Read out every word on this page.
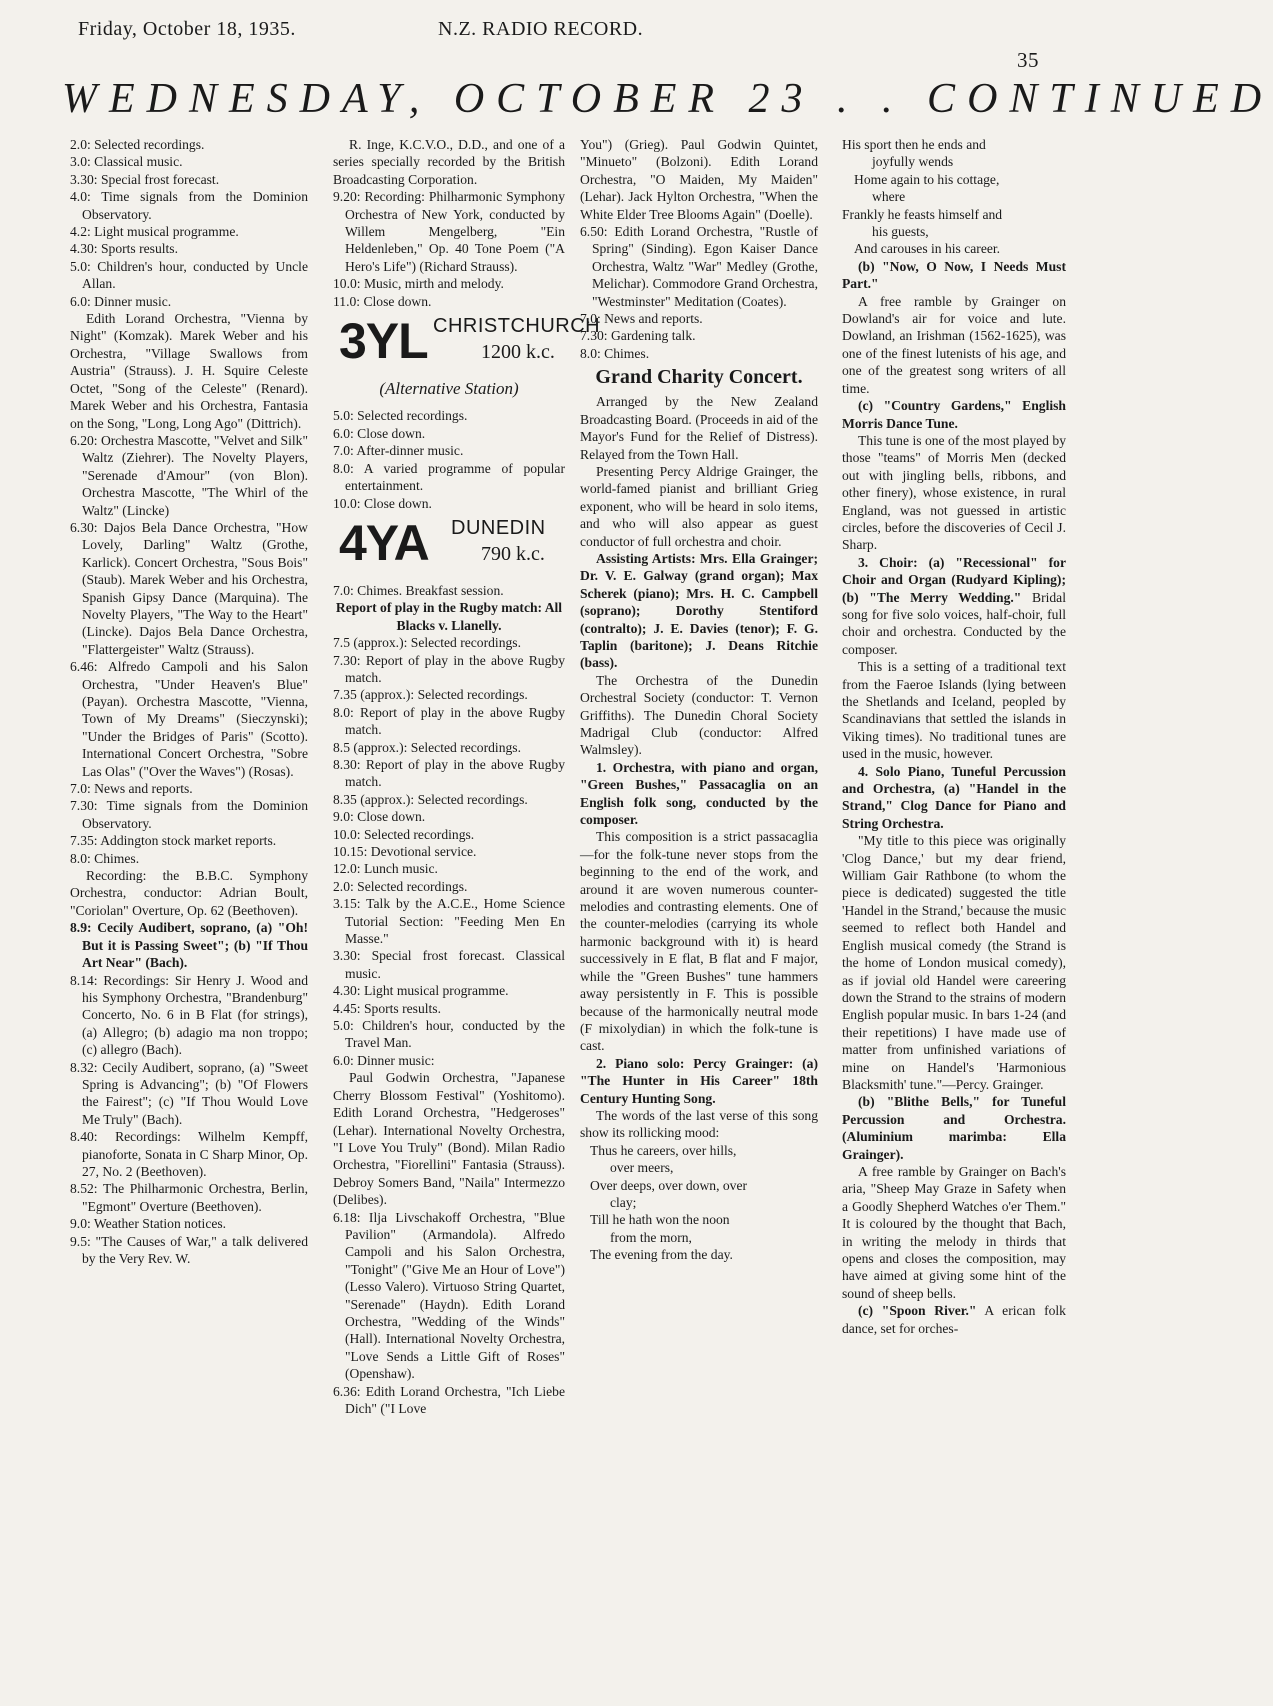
Friday, October 18, 1935.	N.Z. RADIO RECORD.
35
WEDNESDAY, OCTOBER 23 . . CONTINUED

2.0: Selected recordings.

3.0: Classical music.

3.30: Special frost forecast.

4.0: Time signals from the Dominion Observatory.

4.2: Light musical programme.

4.30: Sports results.

5.0: Children's hour, conducted by Uncle Allan.

6.0: Dinner music.

Edith Lorand Orchestra, "Vienna by Night" (Komzak). Marek Weber and his Orchestra, "Village Swallows from Austria" (Strauss). J. H. Squire Celeste Octet, "Song of the Celeste" (Renard). Marek Weber and his Orchestra, Fantasia on the Song, "Long, Long Ago" (Dittrich).

6.20: Orchestra Mascotte, "Velvet and Silk" Waltz (Ziehrer). The Novelty Players, "Serenade d'Amour" (von Blon). Orchestra Mascotte, "The Whirl of the Waltz" (Lincke)

6.30: Dajos Bela Dance Orchestra, "How Lovely, Darling" Waltz (Grothe, Karlick). Concert Orchestra, "Sous Bois" (Staub). Marek Weber and his Orchestra, Spanish Gipsy Dance (Marquina). The Novelty Players, "The Way to the Heart" (Lincke). Dajos Bela Dance Orchestra, "Flattergeister" Waltz (Strauss).

6.46: Alfredo Campoli and his Salon Orchestra, "Under Heaven's Blue" (Payan). Orchestra Mascotte, "Vienna, Town of My Dreams" (Sieczynski); "Under the Bridges of Paris" (Scotto). International Concert Orchestra, "Sobre Las Olas" ("Over the Waves") (Rosas).

7.0: News and reports.

7.30: Time signals from the Dominion Observatory.

7.35: Addington stock market reports.

8.0: Chimes.

Recording: the B.B.C. Symphony Orchestra, conductor: Adrian Boult, "Coriolan" Overture, Op. 62 (Beethoven).

8.9: Cecily Audibert, soprano, (a) "Oh! But it is Passing Sweet"; (b) "If Thou Art Near" (Bach).

8.14: Recordings: Sir Henry J. Wood and his Symphony Orchestra, "Brandenburg" Concerto, No. 6 in B Flat (for strings), (a) Allegro; (b) adagio ma non troppo; (c) allegro (Bach).

8.32: Cecily Audibert, soprano, (a) "Sweet Spring is Advancing"; (b) "Of Flowers the Fairest"; (c) "If Thou Would Love Me Truly" (Bach).

8.40: Recordings: Wilhelm Kempff, pianoforte, Sonata in C Sharp Minor, Op. 27, No. 2 (Beethoven).

8.52: The Philharmonic Orchestra, Berlin, "Egmont" Overture (Beethoven).

9.0: Weather Station notices.

9.5: "The Causes of War," a talk delivered by the Very Rev. W.

R. Inge, K.C.V.O., D.D., and one of a series specially recorded by the British Broadcasting Corporation.

9.20: Recording: Philharmonic Symphony Orchestra of New York, conducted by Willem Mengelberg, "Ein Heldenleben," Op. 40 Tone Poem ("A Hero's Life") (Richard Strauss).

10.0: Music, mirth and melody.

11.0: Close down.

3YL CHRISTCHURCH
1200 k.c.

(Alternative Station)

5.0: Selected recordings.

6.0: Close down.

7.0: After-dinner music.

8.0: A varied programme of popular entertainment.

10.0: Close down.

4YA DUNEDIN
790 k.c.

7.0: Chimes. Breakfast session.

Report of play in the Rugby match: All Blacks v. Llanelly.

7.5 (approx.): Selected recordings.

7.30: Report of play in the above Rugby match.

7.35 (approx.): Selected recordings.

8.0: Report of play in the above Rugby match.

8.5 (approx.): Selected recordings.

8.30: Report of play in the above Rugby match.

8.35 (approx.): Selected recordings.

9.0: Close down.

10.0: Selected recordings.

10.15: Devotional service.

12.0: Lunch music.

2.0: Selected recordings.

3.15: Talk by the A.C.E., Home Science Tutorial Section: "Feeding Men En Masse."

3.30: Special frost forecast. Classical music.

4.30: Light musical programme.

4.45: Sports results.

5.0: Children's hour, conducted by the Travel Man.

6.0: Dinner music:

Paul Godwin Orchestra, "Japanese Cherry Blossom Festival" (Yoshitomo). Edith Lorand Orchestra, "Hedgeroses" (Lehar). International Novelty Orchestra, "I Love You Truly" (Bond). Milan Radio Orchestra, "Fiorellini" Fantasia (Strauss). Debroy Somers Band, "Naila" Intermezzo (Delibes).

6.18: Ilja Livschakoff Orchestra, "Blue Pavilion" (Armandola). Alfredo Campoli and his Salon Orchestra, "Tonight" ("Give Me an Hour of Love") (Lesso Valero). Virtuoso String Quartet, "Serenade" (Haydn). Edith Lorand Orchestra, "Wedding of the Winds" (Hall). International Novelty Orchestra, "Love Sends a Little Gift of Roses" (Openshaw).

6.36: Edith Lorand Orchestra, "Ich Liebe Dich" ("I Love

You") (Grieg). Paul Godwin Quintet, "Minueto" (Bolzoni). Edith Lorand Orchestra, "O Maiden, My Maiden" (Lehar). Jack Hylton Orchestra, "When the White Elder Tree Blooms Again" (Doelle).

6.50: Edith Lorand Orchestra, "Rustle of Spring" (Sinding). Egon Kaiser Dance Orchestra, Waltz "War" Medley (Grothe, Melichar). Commodore Grand Orchestra, "Westminster" Meditation (Coates).

7.0: News and reports.

7.30: Gardening talk.

8.0: Chimes.

Grand Charity Concert.

Arranged by the New Zealand Broadcasting Board. (Proceeds in aid of the Mayor's Fund for the Relief of Distress). Relayed from the Town Hall.

Presenting Percy Aldrige Grainger, the world-famed pianist and brilliant Grieg exponent, who will be heard in solo items, and who will also appear as guest conductor of full orchestra and choir.

Assisting Artists: Mrs. Ella Grainger; Dr. V. E. Galway (grand organ); Max Scherek (piano); Mrs. H. C. Campbell (soprano); Dorothy Stentiford (contralto); J. E. Davies (tenor); F. G. Taplin (baritone); J. Deans Ritchie (bass).

The Orchestra of the Dunedin Orchestral Society (conductor: T. Vernon Griffiths). The Dunedin Choral Society Madrigal Club (conductor: Alfred Walmsley).

1. Orchestra, with piano and organ, "Green Bushes," Passacaglia on an English folk song, conducted by the composer.

This composition is a strict passacaglia—for the folk-tune never stops from the beginning to the end of the work, and around it are woven numerous counter-melodies and contrasting elements. One of the counter-melodies (carrying its whole harmonic background with it) is heard successively in E flat, B flat and F major, while the "Green Bushes" tune hammers away persistently in F. This is possible because of the harmonically neutral mode (F mixolydian) in which the folk-tune is cast.

2. Piano solo: Percy Grainger: (a) "The Hunter in His Career" 18th Century Hunting Song.

The words of the last verse of this song show its rollicking mood:

Thus he careers, over hills,

over meers,

Over deeps, over down, over

clay;

Till he hath won the noon

from the morn,

The evening from the day.

His sport then he ends and

joyfully wends

Home again to his cottage,

where

Frankly he feasts himself and

his guests,

And carouses in his career.

(b) "Now, O Now, I Needs Must Part."

A free ramble by Grainger on Dowland's air for voice and lute. Dowland, an Irishman (1562-1625), was one of the finest lutenists of his age, and one of the greatest song writers of all time.

(c) "Country Gardens," English Morris Dance Tune.

This tune is one of the most played by those "teams" of Morris Men (decked out with jingling bells, ribbons, and other finery), whose existence, in rural England, was not guessed in artistic circles, before the discoveries of Cecil J. Sharp.

3. Choir: (a) "Recessional" for Choir and Organ (Rudyard Kipling); (b) "The Merry Wedding." Bridal song for five solo voices, half-choir, full choir and orchestra. Conducted by the composer.

This is a setting of a traditional text from the Faeroe Islands (lying between the Shetlands and Iceland, peopled by Scandinavians that settled the islands in Viking times). No traditional tunes are used in the music, however.

4. Solo Piano, Tuneful Percussion and Orchestra, (a) "Handel in the Strand," Clog Dance for Piano and String Orchestra.

"My title to this piece was originally 'Clog Dance,' but my dear friend, William Gair Rathbone (to whom the piece is dedicated) suggested the title 'Handel in the Strand,' because the music seemed to reflect both Handel and English musical comedy (the Strand is the home of London musical comedy), as if jovial old Handel were careering down the Strand to the strains of modern English popular music. In bars 1-24 (and their repetitions) I have made use of matter from unfinished variations of mine on Handel's 'Harmonious Blacksmith' tune."—Percy. Grainger.

(b) "Blithe Bells," for Tuneful Percussion and Orchestra. (Aluminium marimba: Ella Grainger).

A free ramble by Grainger on Bach's aria, "Sheep May Graze in Safety when a Goodly Shepherd Watches o'er Them." It is coloured by the thought that Bach, in writing the melody in thirds that opens and closes the composition, may have aimed at giving some hint of the sound of sheep bells.

(c) "Spoon River." A erican folk dance, set for orches-
